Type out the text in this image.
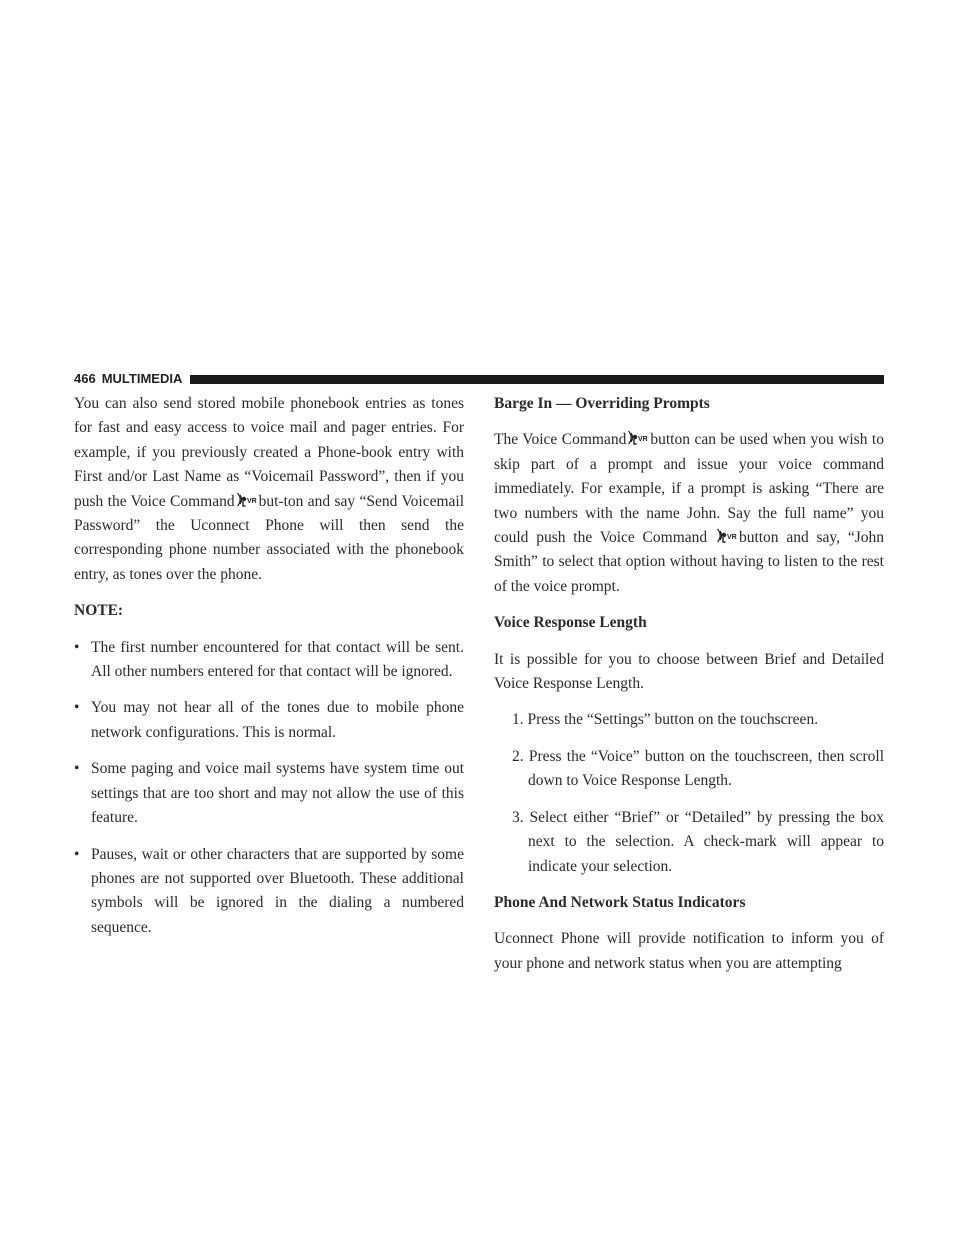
466 MULTIMEDIA

You can also send stored mobile phonebook entries as tones for fast and easy access to voice mail and pager entries. For example, if you previously created a Phone-book entry with First and/or Last Name as “Voicemail Password”, then if you push the Voice Command VR but-ton and say “Send Voicemail Password” the Uconnect Phone will then send the corresponding phone number associated with the phonebook entry, as tones over the phone.

NOTE:

• The first number encountered for that contact will be sent. All other numbers entered for that contact will be ignored.
• You may not hear all of the tones due to mobile phone network configurations. This is normal.
• Some paging and voice mail systems have system time out settings that are too short and may not allow the use of this feature.
• Pauses, wait or other characters that are supported by some phones are not supported over Bluetooth. These additional symbols will be ignored in the dialing a numbered sequence.
Barge In — Overriding Prompts

The Voice Command VR button can be used when you wish to skip part of a prompt and issue your voice command immediately. For example, if a prompt is asking “There are two numbers with the name John. Say the full name” you could push the Voice Command	VR button and say, “John Smith” to select that option without having to listen to the rest of the voice prompt.

Voice Response Length

It is possible for you to choose between Brief and Detailed Voice Response Length.

1. Press the “Settings” button on the touchscreen.
2. Press the “Voice” button on the touchscreen, then scroll down to Voice Response Length.
3. Select either “Brief” or “Detailed” by pressing the box next to the selection. A check-mark will appear to indicate your selection.
Phone And Network Status Indicators

Uconnect Phone will provide notification to inform you of your phone and network status when you are attempting
